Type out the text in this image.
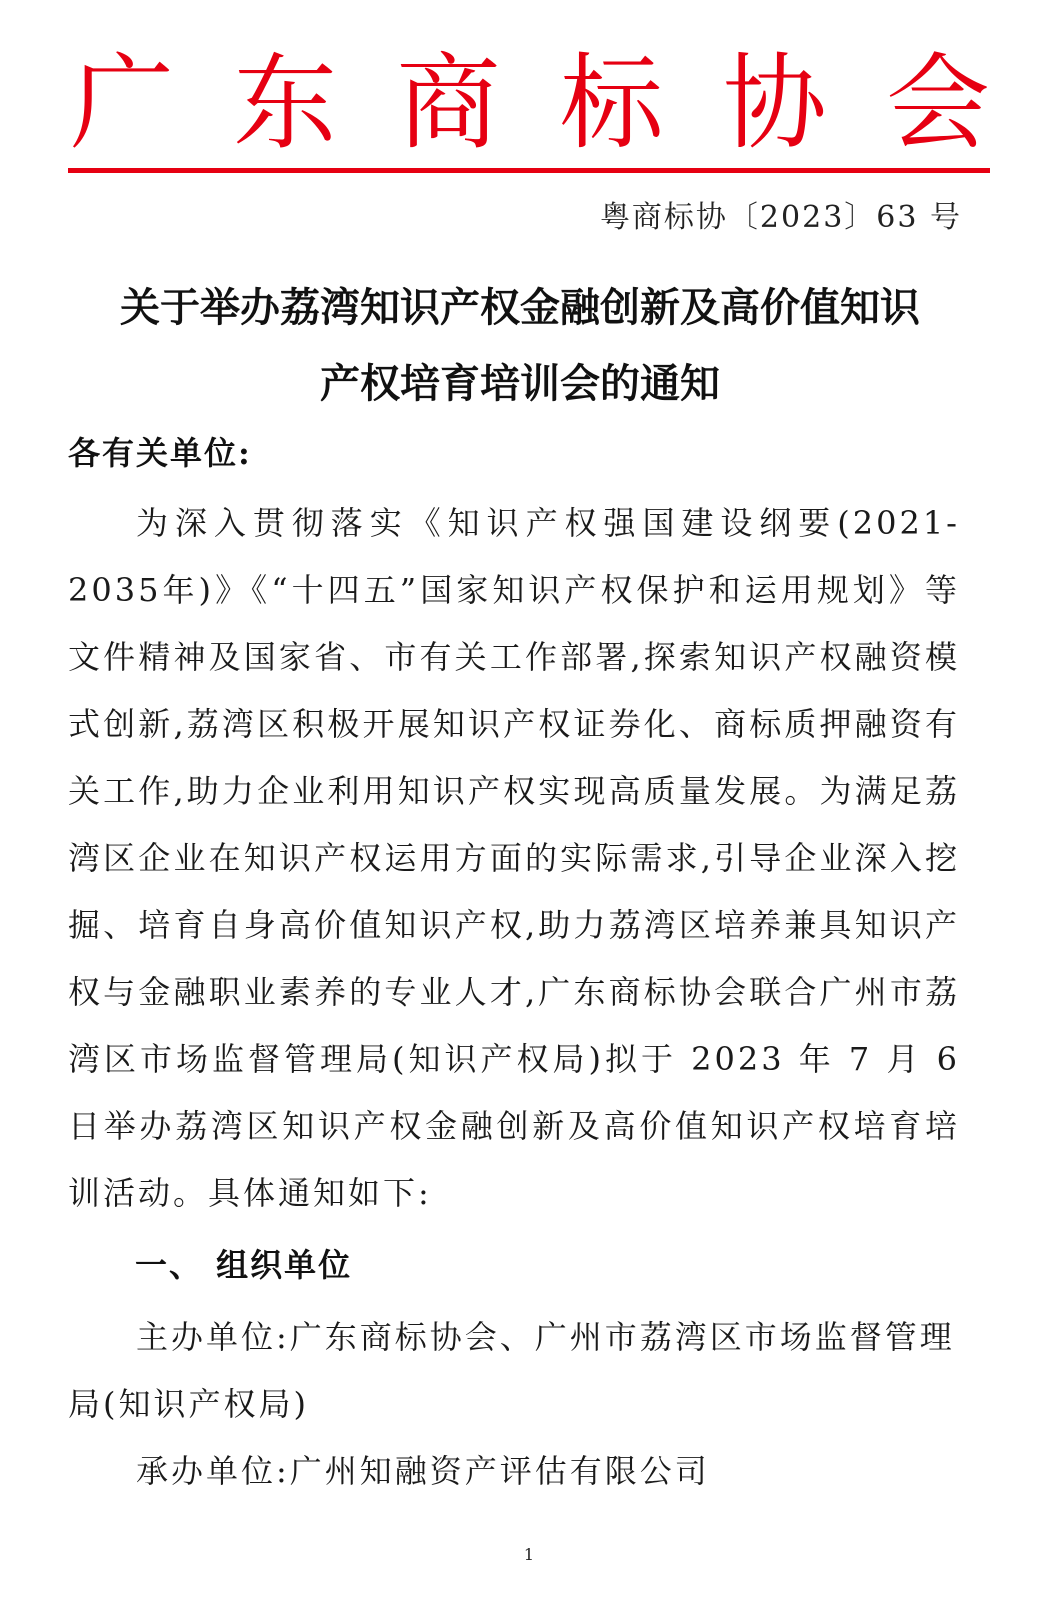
广 东 商 标 协 会
粤商标协〔2023〕63 号
关于举办荔湾知识产权金融创新及高价值知识
产权培育培训会的通知
各有关单位:

为深入贯彻落实《知识产权强国建设纲要(2021-2035年)》《“十四五”国家知识产权保护和运用规划》等文件精神及国家省、市有关工作部署,探索知识产权融资模式创新,荔湾区积极开展知识产权证券化、商标质押融资有关工作,助力企业利用知识产权实现高质量发展。为满足荔湾区企业在知识产权运用方面的实际需求,引导企业深入挖掘、培育自身高价值知识产权,助力荔湾区培养兼具知识产权与金融职业素养的专业人才,广东商标协会联合广州市荔湾区市场监督管理局(知识产权局)拟于 2023 年 7 月 6 日举办荔湾区知识产权金融创新及高价值知识产权培育培训活动。具体通知如下:

一、 组织单位

主办单位:广东商标协会、广州市荔湾区市场监督管理局(知识产权局)

承办单位:广州知融资产评估有限公司

1
